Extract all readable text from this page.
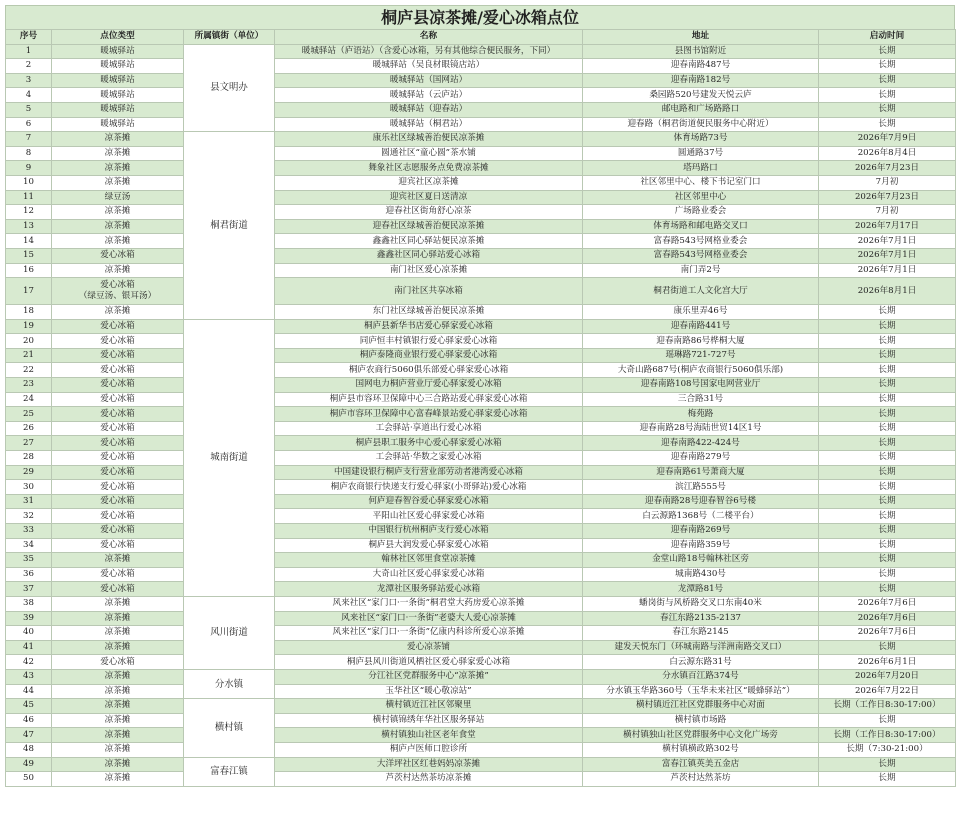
桐庐县凉茶摊/爱心冰箱点位
序号	点位类型	所属镇街（单位）	名称	地址	启动时间
1	暖城驿站	县文明办	暖城驿站（庐语站）（含爱心冰箱，另有其他综合便民服务，下同）	县图书馆附近	长期
2	暖城驿站		暖城驿站（吴良材眼镜店站）	迎春南路487号	长期
3	暖城驿站		暖城驿站（国网站）	迎春南路182号	长期
4	暖城驿站		暖城驿站（云庐站）	桑园路520号建发天悦云庐	长期
5	暖城驿站		暖城驿站（迎春站）	邮电路和广场路路口	长期
6	暖城驿站		暖城驿站（桐君站）	迎春路（桐君街道便民服务中心附近）	长期
7	凉茶摊	桐君街道	康乐社区绿城善治便民凉茶摊	体育场路73号	2026年7月9日
8	凉茶摊		圆通社区“童心圆”茶水铺	圆通路37号	2026年8月4日
9	凉茶摊		舞象社区志愿服务点免费凉茶摊	塔玛路口	2026年7月23日
10	凉茶摊		迎宾社区凉茶摊	社区邻里中心、楼下书记室门口	7月初
11	绿豆汤		迎宾社区夏日送清凉	社区邻里中心	2026年7月23日
12	凉茶摊		迎春社区街角舒心凉茶	广场路业委会	7月初
13	凉茶摊		迎春社区绿城善治便民凉茶摊	体育场路和邮电路交叉口	2026年7月17日
14	凉茶摊		鑫鑫社区同心驿站便民凉茶摊	富春路543号网格业委会	2026年7月1日
15	爱心冰箱		鑫鑫社区同心驿站爱心冰箱	富春路543号网格业委会	2026年7月1日
16	凉茶摊		南门社区爱心凉茶摊	南门弄2号	2026年7月1日
17	爱心冰箱
（绿豆汤、银耳汤）		南门社区共享冰箱	桐君街道工人文化宫大厅	2026年8月1日
18	凉茶摊		东门社区绿城善治便民凉茶摊	康乐里弄46号	长期
19	爱心冰箱	城南街道	桐庐县新华书店爱心驿家爱心冰箱	迎春南路441号	长期
20	爱心冰箱		同庐恒丰村镇银行爱心驿家爱心冰箱	迎春南路86号桦桐大厦	长期
21	爱心冰箱		桐庐泰隆商业银行爱心驿家爱心冰箱	瑶琳路721-727号	长期
22	爱心冰箱		桐庐农商行5060俱乐部爱心驿家爱心冰箱	大奇山路687号(桐庐农商银行5060俱乐部)	长期
23	爱心冰箱		国网电力桐庐营业厅爱心驿家爱心冰箱	迎春南路108号国家电网营业厅	长期
24	爱心冰箱		桐庐县市容环卫保障中心三合路站爱心驿家爱心冰箱	三合路31号	长期
25	爱心冰箱		桐庐市容环卫保障中心富春峰景站爱心驿家爱心冰箱	梅苑路	长期
26	爱心冰箱		工会驿站·享道出行爱心冰箱	迎春南路28号海陆世贸14区1号	长期
27	爱心冰箱		桐庐县职工服务中心爱心驿家爱心冰箱	迎春南路422-424号	长期
28	爱心冰箱		工会驿站·华数之家爱心冰箱	迎春南路279号	长期
29	爱心冰箱		中国建设银行桐庐支行营业部劳动者港湾爱心冰箱	迎春南路61号萧商大厦	长期
30	爱心冰箱		桐庐农商银行快递支行爱心驿家(小哥驿站)爱心冰箱	滨江路555号	长期
31	爱心冰箱		何庐迎春智谷爱心驿家爱心冰箱	迎春南路28号迎春智谷6号楼	长期
32	爱心冰箱		平阳山社区爱心驿家爱心冰箱	白云源路1368号（二楼平台）	长期
33	爱心冰箱		中国银行杭州桐庐支行爱心冰箱	迎春南路269号	长期
34	爱心冰箱		桐庐县大润发爱心驿家爱心冰箱	迎春南路359号	长期
35	凉茶摊		翰林社区邻里食堂凉茶摊	金堂山路18号翰林社区旁	长期
36	爱心冰箱		大奇山社区爱心驿家爱心冰箱	城南路430号	长期
37	爱心冰箱		龙潭社区服务驿站爱心冰箱	龙潭路81号	长期
38	凉茶摊	风川街道	风来社区“家门口·一条街”桐君堂大药房爱心凉茶摊	蟠岗街与风桥路交叉口东南40米	2026年7月6日
39	凉茶摊		风来社区“家门口·一条街”老婆大人爱心凉茶摊	春江东路2135-2137	2026年7月6日
40	凉茶摊		风来社区“家门口·一条街”亿康内科诊所爱心凉茶摊	春江东路2145	2026年7月6日
41	凉茶摊		爱心凉茶铺	建发天悦东门（环城南路与洋洲南路交叉口）	长期
42	爱心冰箱		桐庐县风川街道风栖社区爱心驿家爱心冰箱	白云源东路31号	2026年6月1日
43	凉茶摊	分水镇	分江社区党群服务中心“凉茶摊”	分水镇百江路374号	2026年7月20日
44	凉茶摊		玉华社区“暖心敬凉站”	分水镇玉华路360号（玉华未来社区“暖蜂驿站”）	2026年7月22日
45	凉茶摊	横村镇	横村镇近江社区邻聚里	横村镇近江社区党群服务中心对面	长期（工作日8:30-17:00）
46	凉茶摊		横村镇锦绣年华社区服务驿站	横村镇市场路	长期
47	凉茶摊		横村镇独山社区老年食堂	横村镇独山社区党群服务中心文化广场旁	长期（工作日8:30-17:00）
48	凉茶摊		桐庐卢医师口腔诊所	横村镇横政路302号	长期（7:30-21:00）
49	凉茶摊	富春江镇	大洋坪社区红巷妈妈凉茶摊	富春江镇英美五金店	长期
50	凉茶摊		芦茨村达然茶坊凉茶摊	芦茨村达然茶坊	长期
